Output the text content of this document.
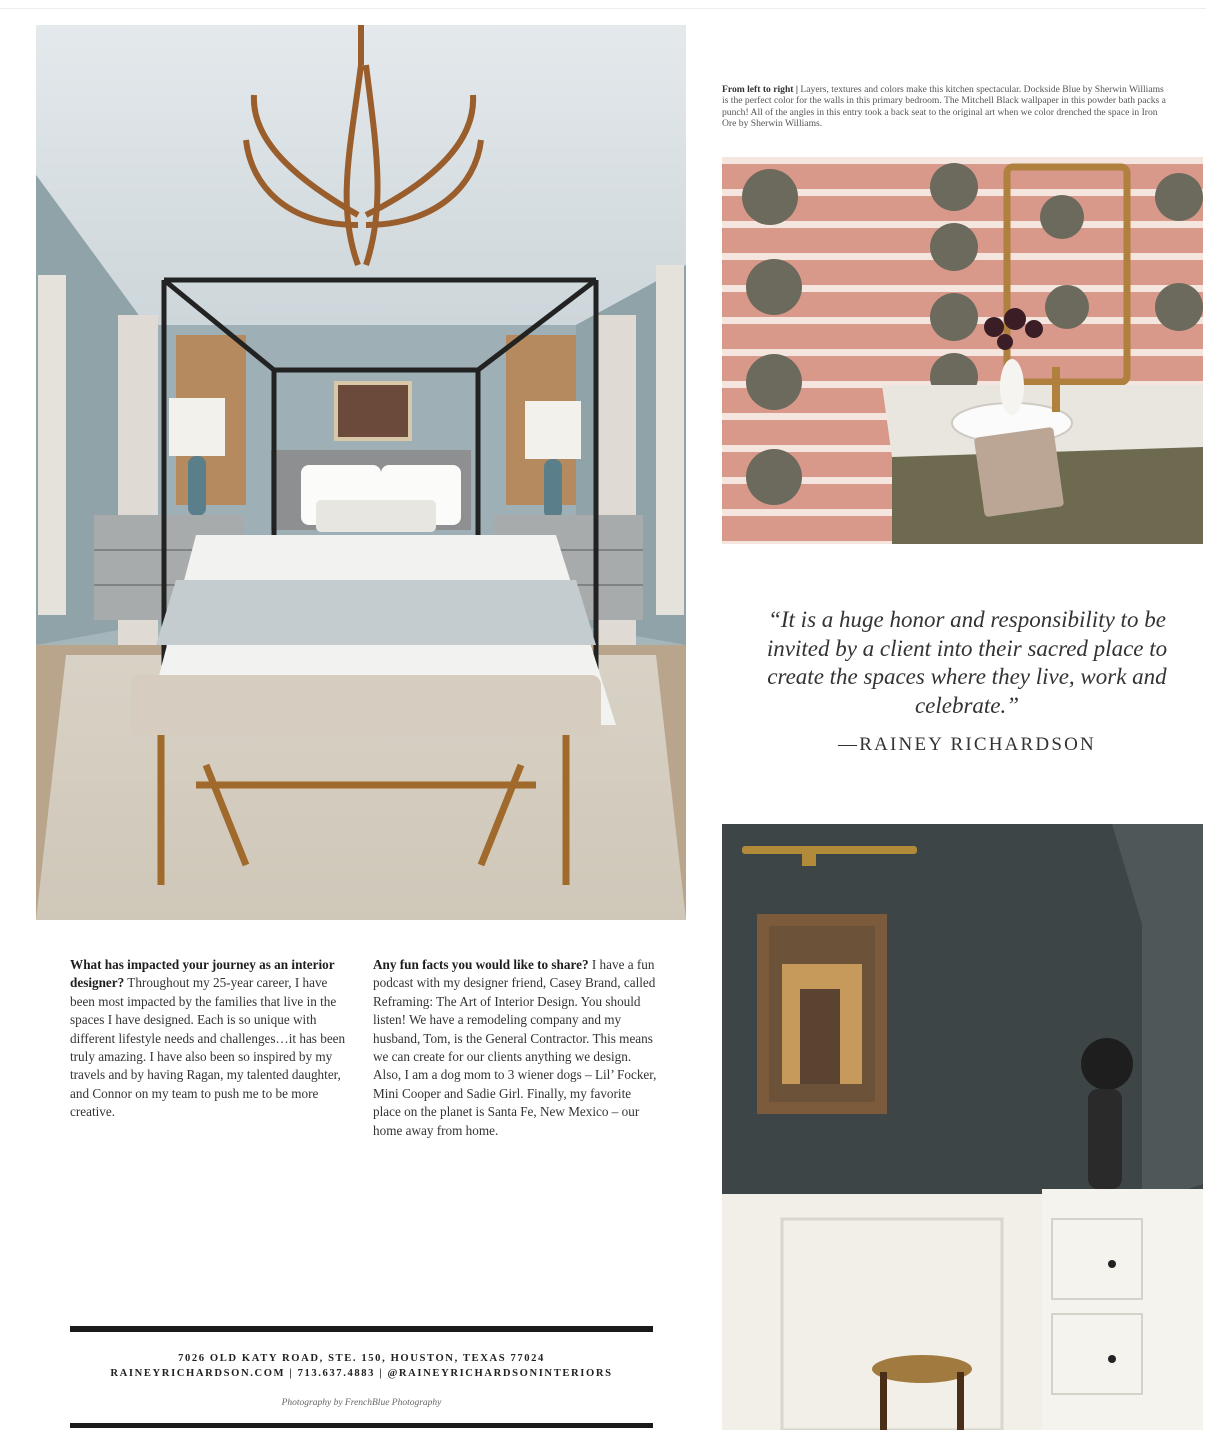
From left to right | Layers, textures and colors make this kitchen spectacular. Dockside Blue by Sherwin Williams is the perfect color for the walls in this primary bedroom. The Mitchell Black wallpaper in this powder bath packs a punch! All of the angles in this entry took a back seat to the original art when we color drenched the space in Iron Ore by Sherwin Williams.
“It is a huge honor and responsibility to be invited by a client into their sacred place to create the spaces where they live, work and celebrate.”
—RAINEY RICHARDSON
What has impacted your journey as an interior designer? Throughout my 25-year career, I have been most impacted by the families that live in the spaces I have designed. Each is so unique with different lifestyle needs and challenges…it has been truly amazing. I have also been so inspired by my travels and by having Ragan, my talented daughter, and Connor on my team to push me to be more creative.
Any fun facts you would like to share? I have a fun podcast with my designer friend, Casey Brand, called Reframing: The Art of Interior Design. You should listen! We have a remodeling company and my husband, Tom, is the General Contractor. This means we can create for our clients anything we design. Also, I am a dog mom to 3 wiener dogs – Lil’ Focker, Mini Cooper and Sadie Girl. Finally, my favorite place on the planet is Santa Fe, New Mexico – our home away from home.
7026 OLD KATY ROAD, STE. 150, HOUSTON, TEXAS 77024
RAINEYRICHARDSON.COM | 713.637.4883 | @RAINEYRICHARDSONINTERIORS
Photography by FrenchBlue Photography
